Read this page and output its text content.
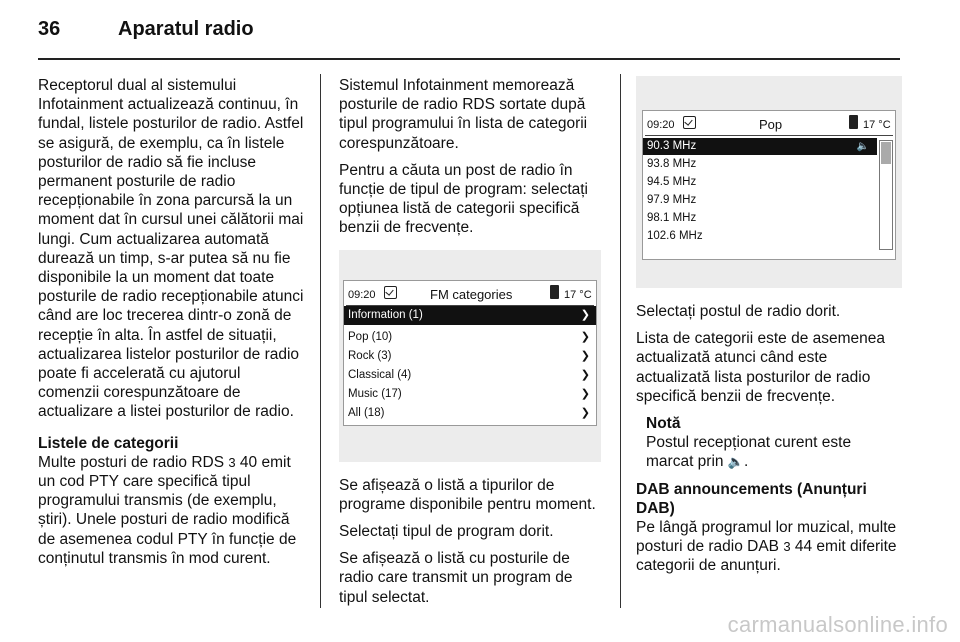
36	Aparatul radio

Receptorul dual al sistemului Infotainment actualizează continuu, în fundal, listele posturilor de radio. Astfel se asigură, de exemplu, ca în listele posturilor de radio să fie incluse permanent posturile de radio recepționabile în zona parcursă la un moment dat în cursul unei călătorii mai lungi. Cum actualizarea automată durează un timp, s-ar putea să nu fie disponibile la un moment dat toate posturile de radio recepționabile atunci când are loc trecerea dintr-o zonă de recepție în alta. În astfel de situații, actualizarea listelor posturilor de radio poate fi accelerată cu ajutorul comenzii corespunzătoare de actualizare a listei posturilor de radio.

Listele de categorii

Multe posturi de radio RDS 3 40 emit un cod PTY care specifică tipul programului transmis (de exemplu, știri). Unele posturi de radio modifică de asemenea codul PTY în funcție de conținutul transmis în mod curent.

Sistemul Infotainment memorează posturile de radio RDS sortate după tipul programului în lista de categorii corespunzătoare.

Pentru a căuta un post de radio în funcție de tipul de program: selectați opțiunea listă de categorii specifică benzii de frecvențe.

09:20	FM categories	17 °C
Information (1)	❯
Pop (10)	❯
Rock (3)	❯
Classical (4)	❯
Music (17)	❯
All (18)	❯

Se afișează o listă a tipurilor de programe disponibile pentru moment.

Selectați tipul de program dorit.

Se afișează o listă cu posturile de radio care transmit un program de tipul selectat.

09:20	Pop	17 °C
90.3 MHz	🔈
93.8 MHz
94.5 MHz
97.9 MHz
98.1 MHz
102.6 MHz

Selectați postul de radio dorit.

Lista de categorii este de asemenea actualizată atunci când este actualizată lista posturilor de radio specifică benzii de frecvențe.

Notă
Postul recepționat curent este marcat prin 🔈.

DAB announcements (Anunțuri DAB)

Pe lângă programul lor muzical, multe posturi de radio DAB 3 44 emit diferite categorii de anunțuri.

carmanualsonline.info
